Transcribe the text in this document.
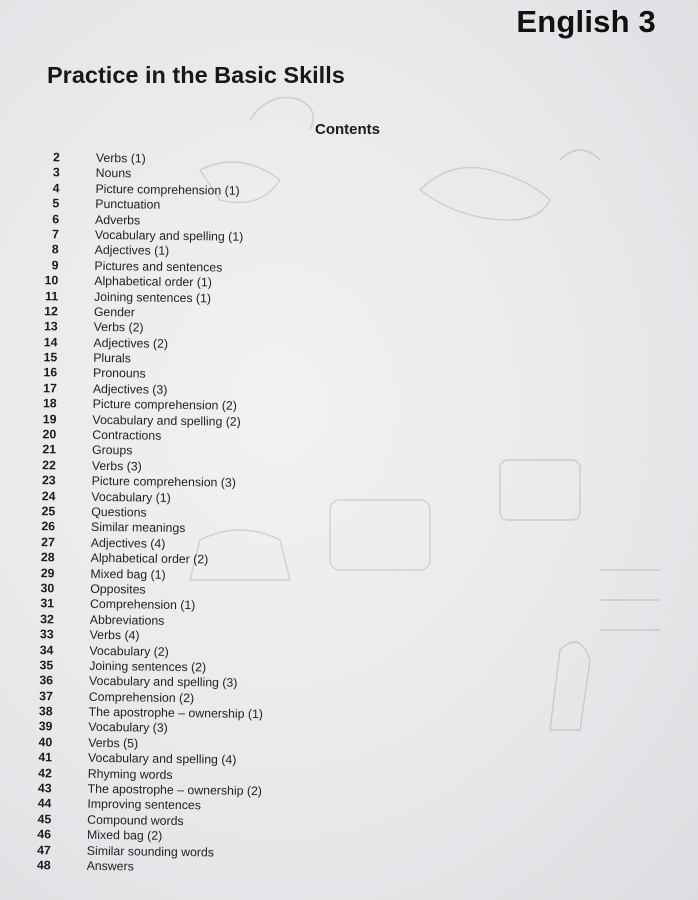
English 3
Practice in the Basic Skills
Contents
2	Verbs (1)
3	Nouns
4	Picture comprehension (1)
5	Punctuation
6	Adverbs
7	Vocabulary and spelling (1)
8	Adjectives (1)
9	Pictures and sentences
10	Alphabetical order (1)
11	Joining sentences (1)
12	Gender
13	Verbs (2)
14	Adjectives (2)
15	Plurals
16	Pronouns
17	Adjectives (3)
18	Picture comprehension (2)
19	Vocabulary and spelling (2)
20	Contractions
21	Groups
22	Verbs (3)
23	Picture comprehension (3)
24	Vocabulary (1)
25	Questions
26	Similar meanings
27	Adjectives (4)
28	Alphabetical order (2)
29	Mixed bag (1)
30	Opposites
31	Comprehension (1)
32	Abbreviations
33	Verbs (4)
34	Vocabulary (2)
35	Joining sentences (2)
36	Vocabulary and spelling (3)
37	Comprehension (2)
38	The apostrophe – ownership (1)
39	Vocabulary (3)
40	Verbs (5)
41	Vocabulary and spelling (4)
42	Rhyming words
43	The apostrophe – ownership (2)
44	Improving sentences
45	Compound words
46	Mixed bag (2)
47	Similar sounding words
48	Answers
